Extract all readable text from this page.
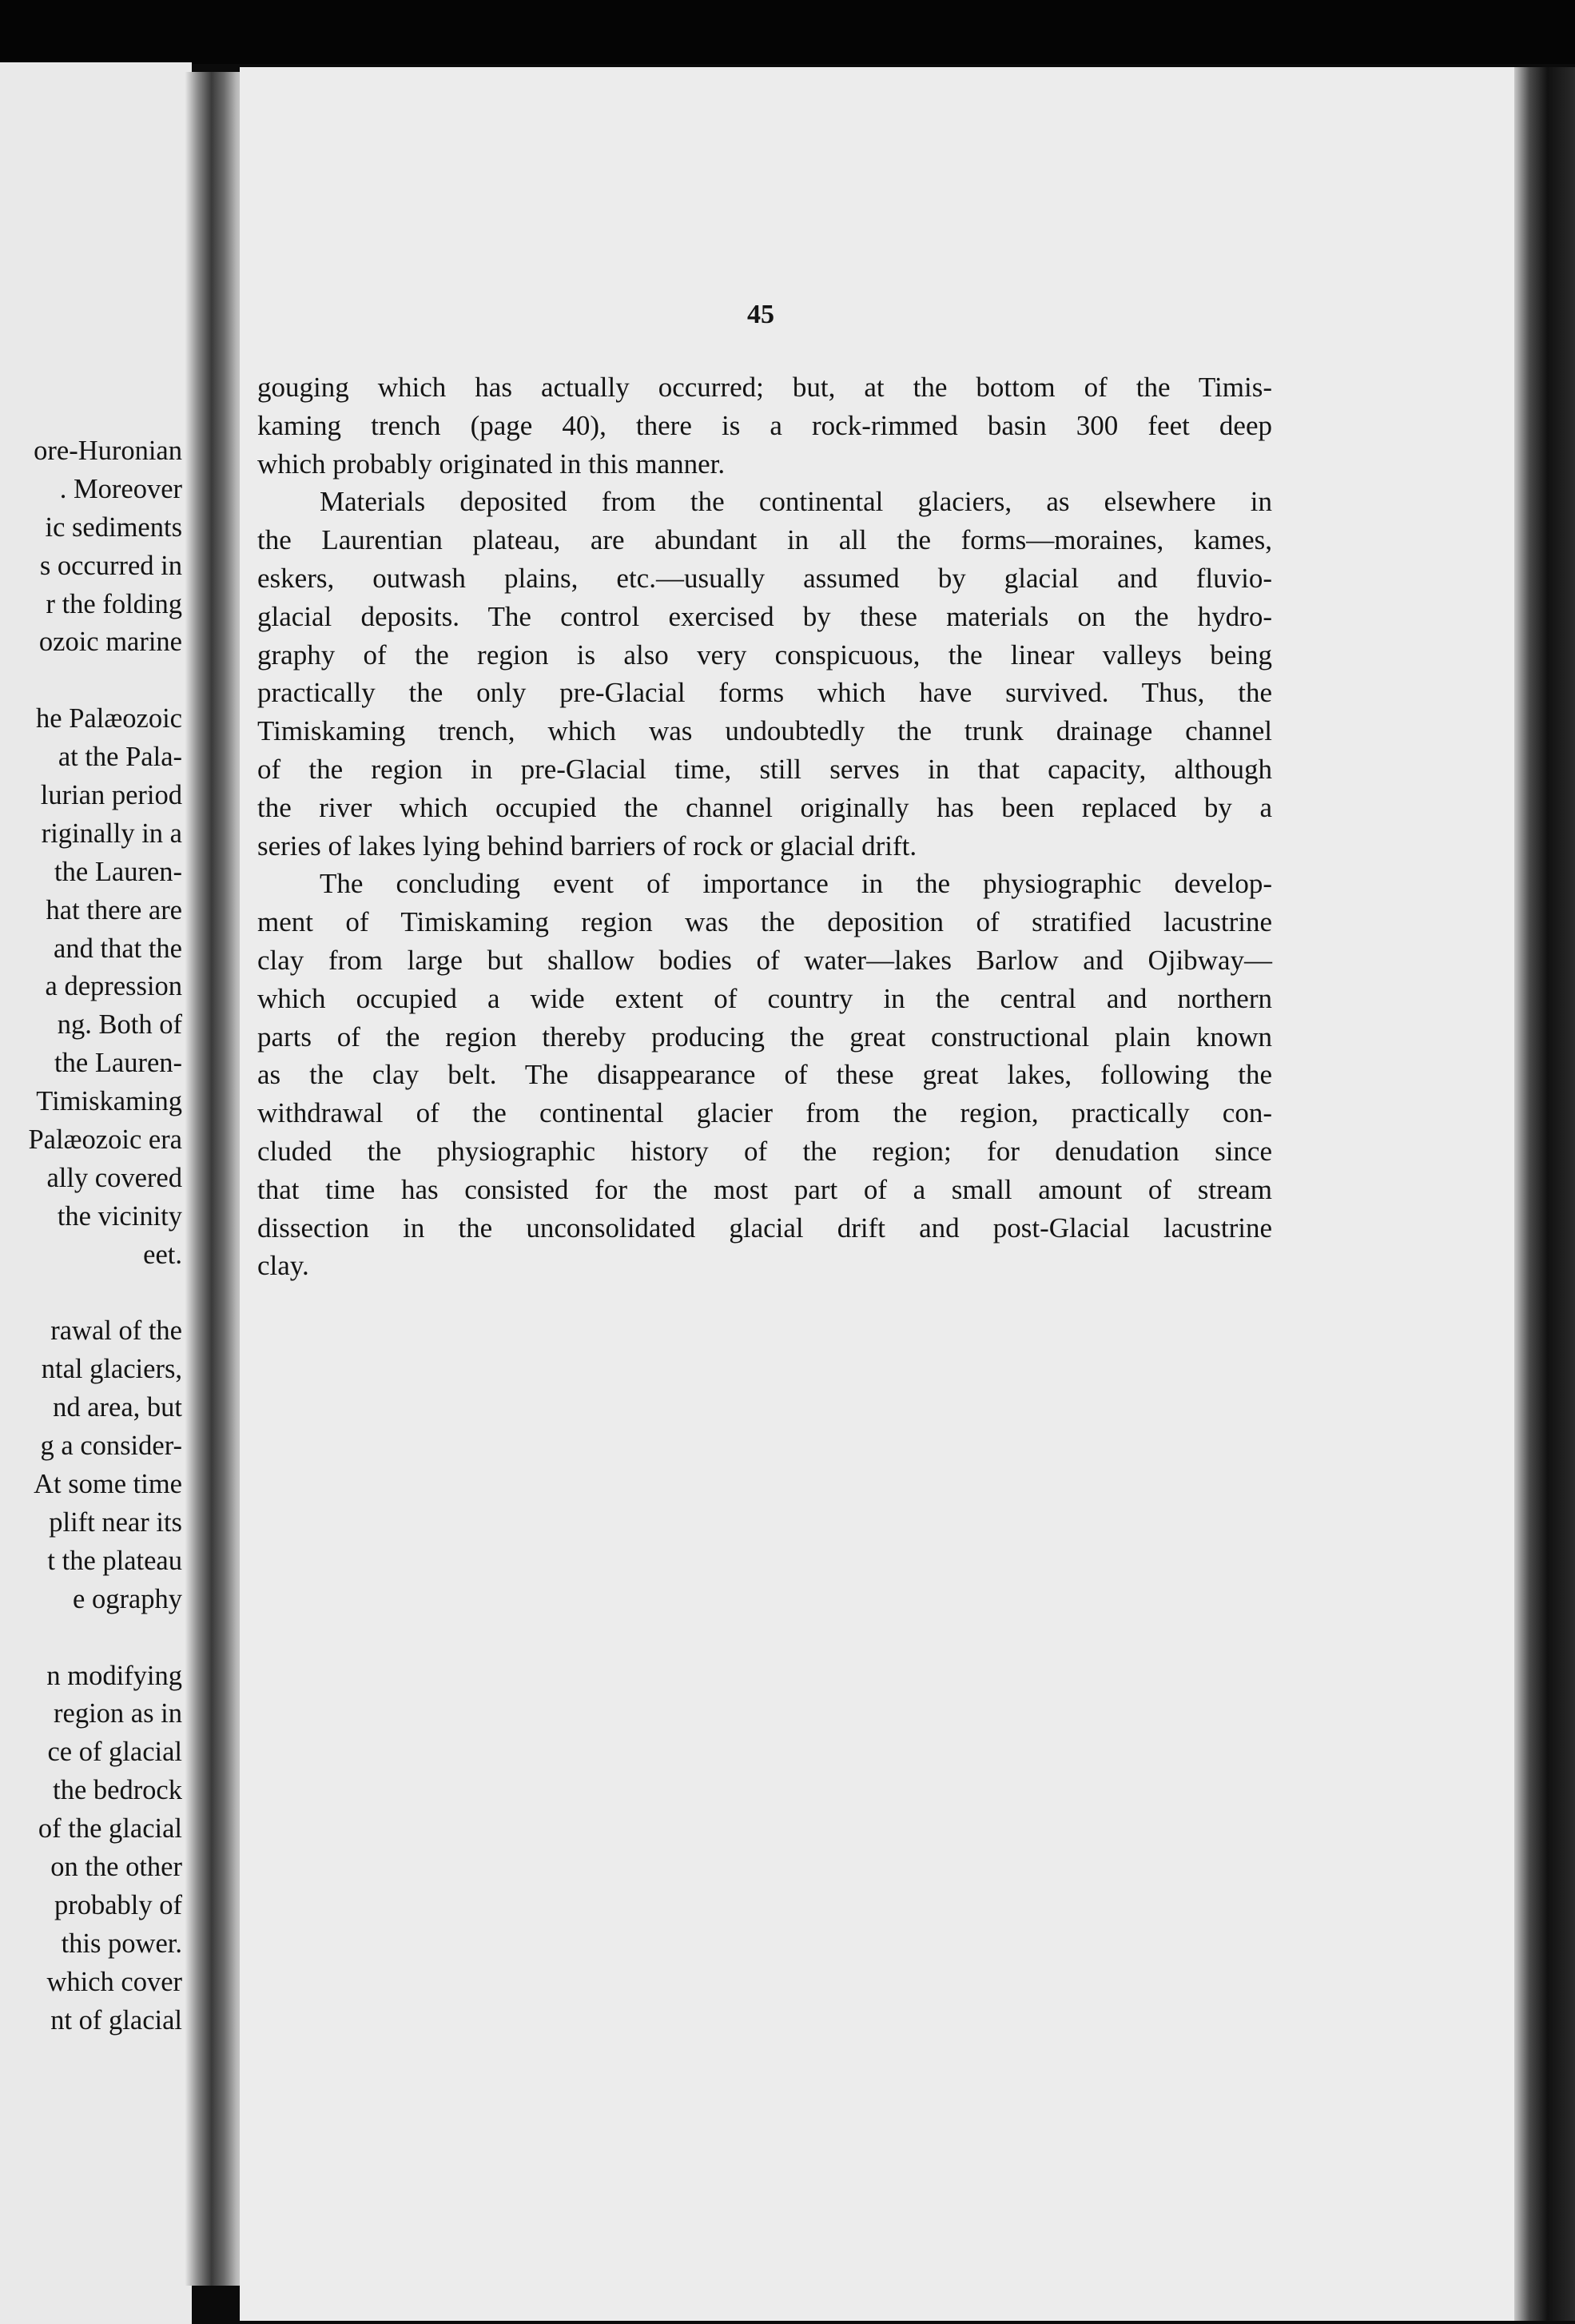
ore-Huronian
. Moreover
ic sediments
s occurred in
r the folding
ozoic marine
he Palæozoic
at the Pala-
lurian period
riginally in a
the Lauren-
hat there are
and that the
a depression
ng. Both of
the Lauren-
Timiskaming
Palæozoic era
ally covered
the vicinity
eet.
rawal of the
ntal glaciers,
nd area, but
g a consider-
At some time
plift near its
t the plateau
e ography
n modifying
region as in
ce of glacial
the bedrock
of the glacial
on the other
probably of
this power.
which cover
nt of glacial
45
gouging which has actually occurred; but, at the bottom of the Timis-
kaming trench (page 40), there is a rock-rimmed basin 300 feet deep
which probably originated in this manner.
Materials deposited from the continental glaciers, as elsewhere in
the Laurentian plateau, are abundant in all the forms—moraines, kames,
eskers, outwash plains, etc.—usually assumed by glacial and fluvio-
glacial deposits. The control exercised by these materials on the hydro-
graphy of the region is also very conspicuous, the linear valleys being
practically the only pre-Glacial forms which have survived. Thus, the
Timiskaming trench, which was undoubtedly the trunk drainage channel
of the region in pre-Glacial time, still serves in that capacity, although
the river which occupied the channel originally has been replaced by a
series of lakes lying behind barriers of rock or glacial drift.
The concluding event of importance in the physiographic develop-
ment of Timiskaming region was the deposition of stratified lacustrine
clay from large but shallow bodies of water—lakes Barlow and Ojibway—
which occupied a wide extent of country in the central and northern
parts of the region thereby producing the great constructional plain known
as the clay belt. The disappearance of these great lakes, following the
withdrawal of the continental glacier from the region, practically con-
cluded the physiographic history of the region; for denudation since
that time has consisted for the most part of a small amount of stream
dissection in the unconsolidated glacial drift and post-Glacial lacustrine
clay.
